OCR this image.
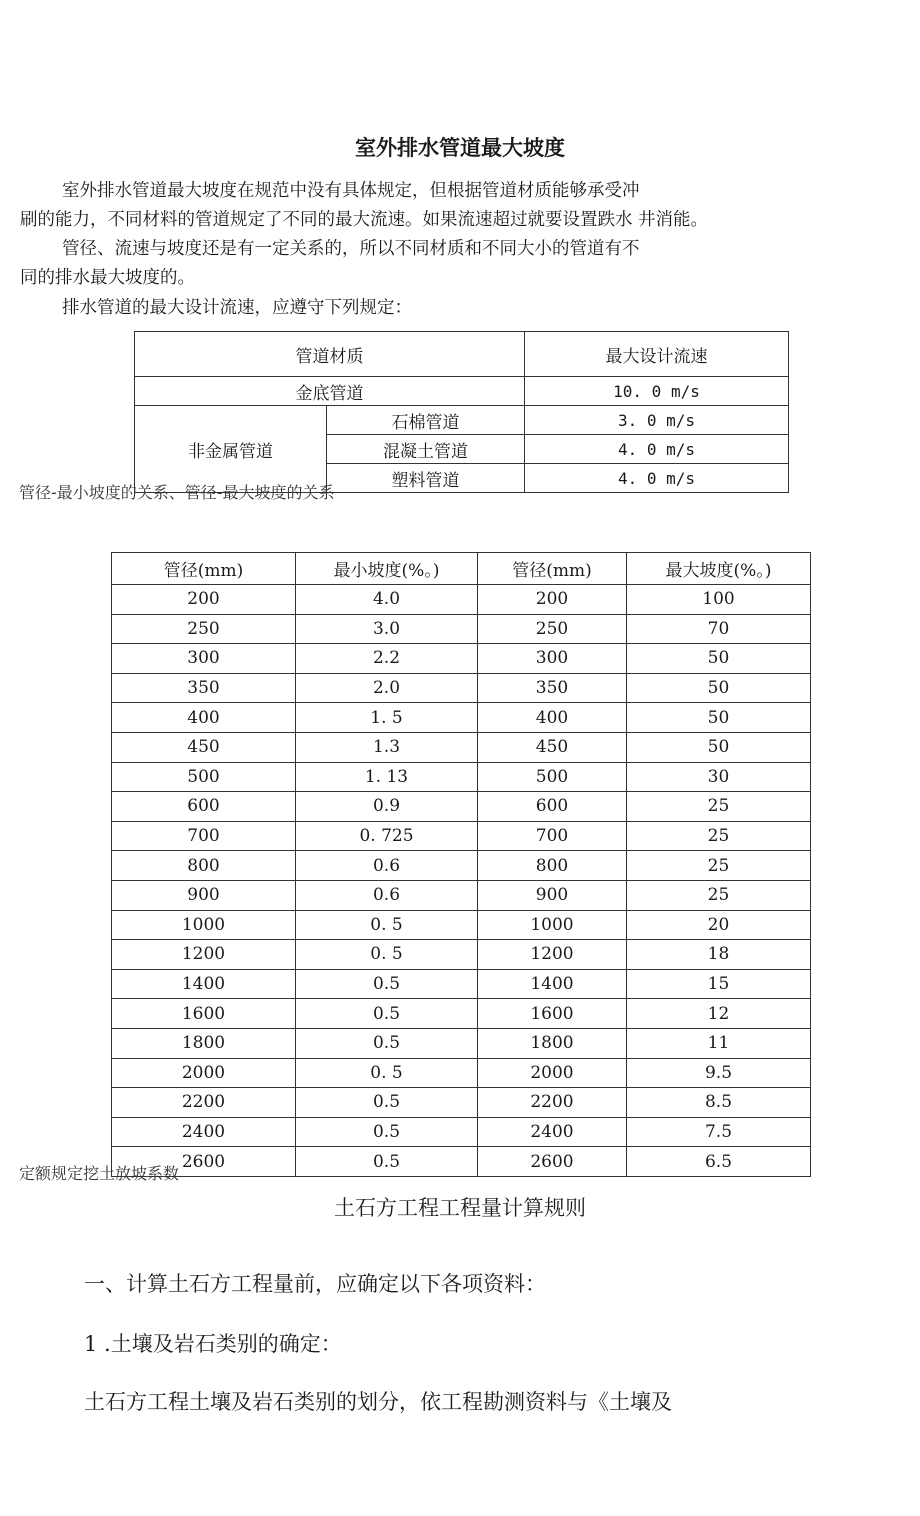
室外排水管道最大坡度
室外排水管道最大坡度在规范中没有具体规定，但根据管道材质能够承受冲
刷的能力，不同材料的管道规定了不同的最大流速。如果流速超过就要设置跌水 井消能。
管径、流速与坡度还是有一定关系的，所以不同材质和不同大小的管道有不
同的排水最大坡度的。
排水管道的最大设计流速，应遵守下列规定：
管道材质		最大设计流速
金底管道		10. 0 m/s
非金属管道	石棉管道	3. 0 m/s
	混凝土管道	4. 0 m/s
	塑料管道	4. 0 m/s
管径-最小坡度的关系、管径-最大坡度的关系
管径(mm)	最小坡度(%。)	管径(mm)	最大坡度(%。)
200	4.0	200	100
250	3.0	250	70
300	2.2	300	50
350	2.0	350	50
400	1. 5	400	50
450	1.3	450	50
500	1. 13	500	30
600	0.9	600	25
700	0. 725	700	25
800	0.6	800	25
900	0.6	900	25
1000	0. 5	1000	20
1200	0. 5	1200	18
1400	0.5	1400	15
1600	0.5	1600	12
1800	0.5	1800	11
2000	0. 5	2000	9.5
2200	0.5	2200	8.5
2400	0.5	2400	7.5
2600	0.5	2600	6.5
定额规定挖土放坡系数
土石方工程工程量计算规则
一、计算土石方工程量前，应确定以下各项资料：
1 .土壤及岩石类别的确定：
土石方工程土壤及岩石类别的划分，依工程勘测资料与《土壤及
